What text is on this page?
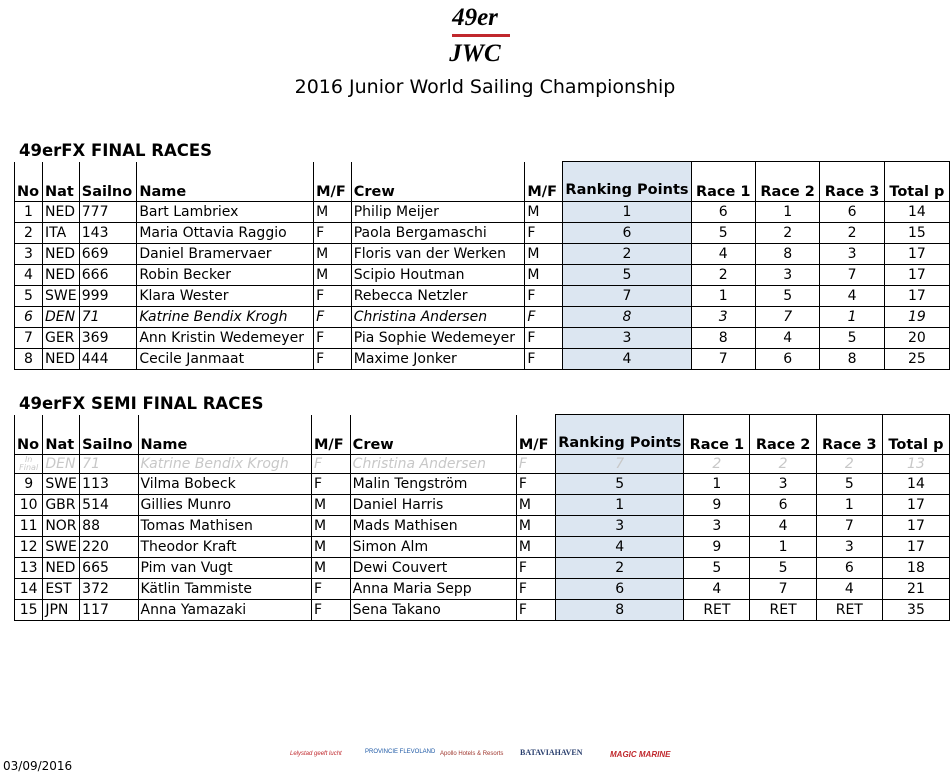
49er
JWC
2016 Junior World Sailing Championship
49erFX FINAL RACES
No	Nat	Sailno	Name	M/F	Crew	M/F	Ranking Points	Race 1	Race 2	Race 3	Total p
1	NED	777	Bart Lambriex	M	Philip Meijer	M	1	6	1	6	14
2	ITA	143	Maria Ottavia Raggio	F	Paola Bergamaschi	F	6	5	2	2	15
3	NED	669	Daniel Bramervaer	M	Floris van der Werken	M	2	4	8	3	17
4	NED	666	Robin Becker	M	Scipio Houtman	M	5	2	3	7	17
5	SWE	999	Klara Wester	F	Rebecca Netzler	F	7	1	5	4	17
6	DEN	71	Katrine Bendix Krogh	F	Christina Andersen	F	8	3	7	1	19
7	GER	369	Ann Kristin Wedemeyer	F	Pia Sophie Wedemeyer	F	3	8	4	5	20
8	NED	444	Cecile Janmaat	F	Maxime Jonker	F	4	7	6	8	25
49erFX SEMI FINAL RACES
No	Nat	Sailno	Name	M/F	Crew	M/F	Ranking Points	Race 1	Race 2	Race 3	Total p
In Final	DEN	71	Katrine Bendix Krogh	F	Christina Andersen	F	7	2	2	2	13
9	SWE	113	Vilma Bobeck	F	Malin Tengström	F	5	1	3	5	14
10	GBR	514	Gillies Munro	M	Daniel Harris	M	1	9	6	1	17
11	NOR	88	Tomas Mathisen	M	Mads Mathisen	M	3	3	4	7	17
12	SWE	220	Theodor Kraft	M	Simon Alm	M	4	9	1	3	17
13	NED	665	Pim van Vugt	M	Dewi Couvert	F	2	5	5	6	18
14	EST	372	Kätlin Tammiste	F	Anna Maria Sepp	F	6	4	7	4	21
15	JPN	117	Anna Yamazaki	F	Sena Takano	F	8	RET	RET	RET	35
03/09/2016
Lelystad geeft lucht	PROVINCIE FLEVOLAND Apollo Hotels & Resorts BATAVIAHAVEN	MAGIC MARINE
